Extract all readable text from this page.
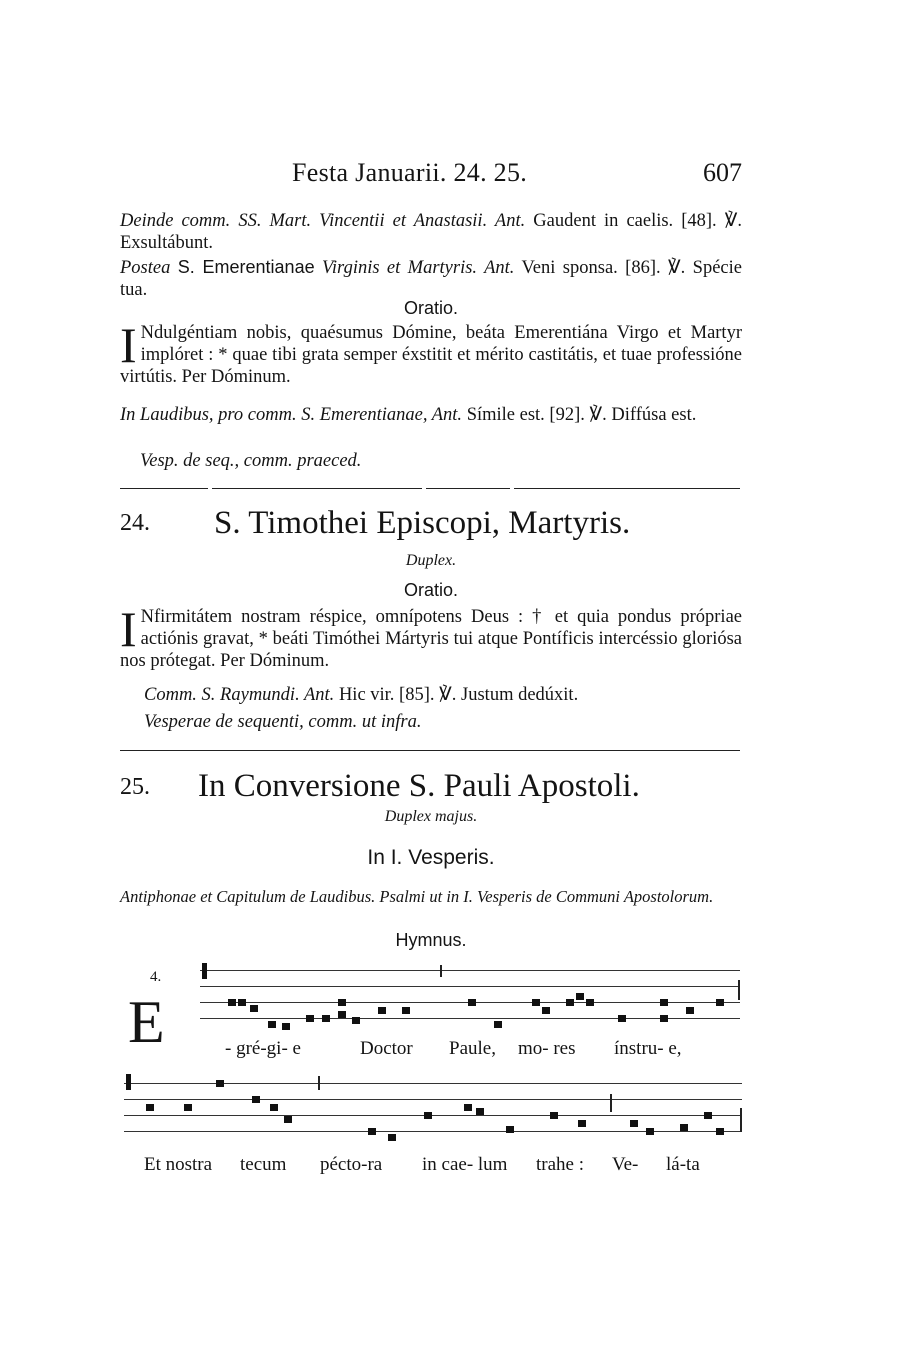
Festa Januarii. 24. 25.	607
Deinde comm. SS. Mart. Vincentii et Anastasii. Ant. Gaudent in caelis. [48]. ℣. Exsultábunt.
Postea S. Emerentianae Virginis et Martyris. Ant. Veni sponsa. [86]. ℣. Spécie tua.
Oratio.
I Ndulgéntiam nobis, quaésumus Dómine, beáta Emerentiána Virgo et Martyr implóret : * quae tibi grata semper éxstitit et mérito castitátis, et tuae professióne virtútis. Per Dóminum.
In Laudibus, pro comm. S. Emerentianae, Ant. Símile est. [92]. ℣. Diffúsa est.
Vesp. de seq., comm. praeced.
24. S. Timothei Episcopi, Martyris.
Duplex.
Oratio.
I Nfirmitátem nostram réspice, omnípotens Deus : † et quia pondus própriae actiónis gravat, * beáti Timóthei Mártyris tui atque Pontíficis intercéssio gloriósa nos prótegat. Per Dóminum.
Comm. S. Raymundi. Ant. Hic vir. [85]. ℣. Justum dedúxit.
Vesperae de sequenti, comm. ut infra.
25. In Conversione S. Pauli Apostoli.
Duplex majus.
In I. Vesperis.
Antiphonae et Capitulum de Laudibus. Psalmi ut in I. Vesperis de Communi Apostolorum.
Hymnus.
4.
E	- gré-gi- e	Doctor Paule, mo- res ínstru- e,
Et nostra tecum pécto-ra in cae- lum trahe : Ve- lá-ta
